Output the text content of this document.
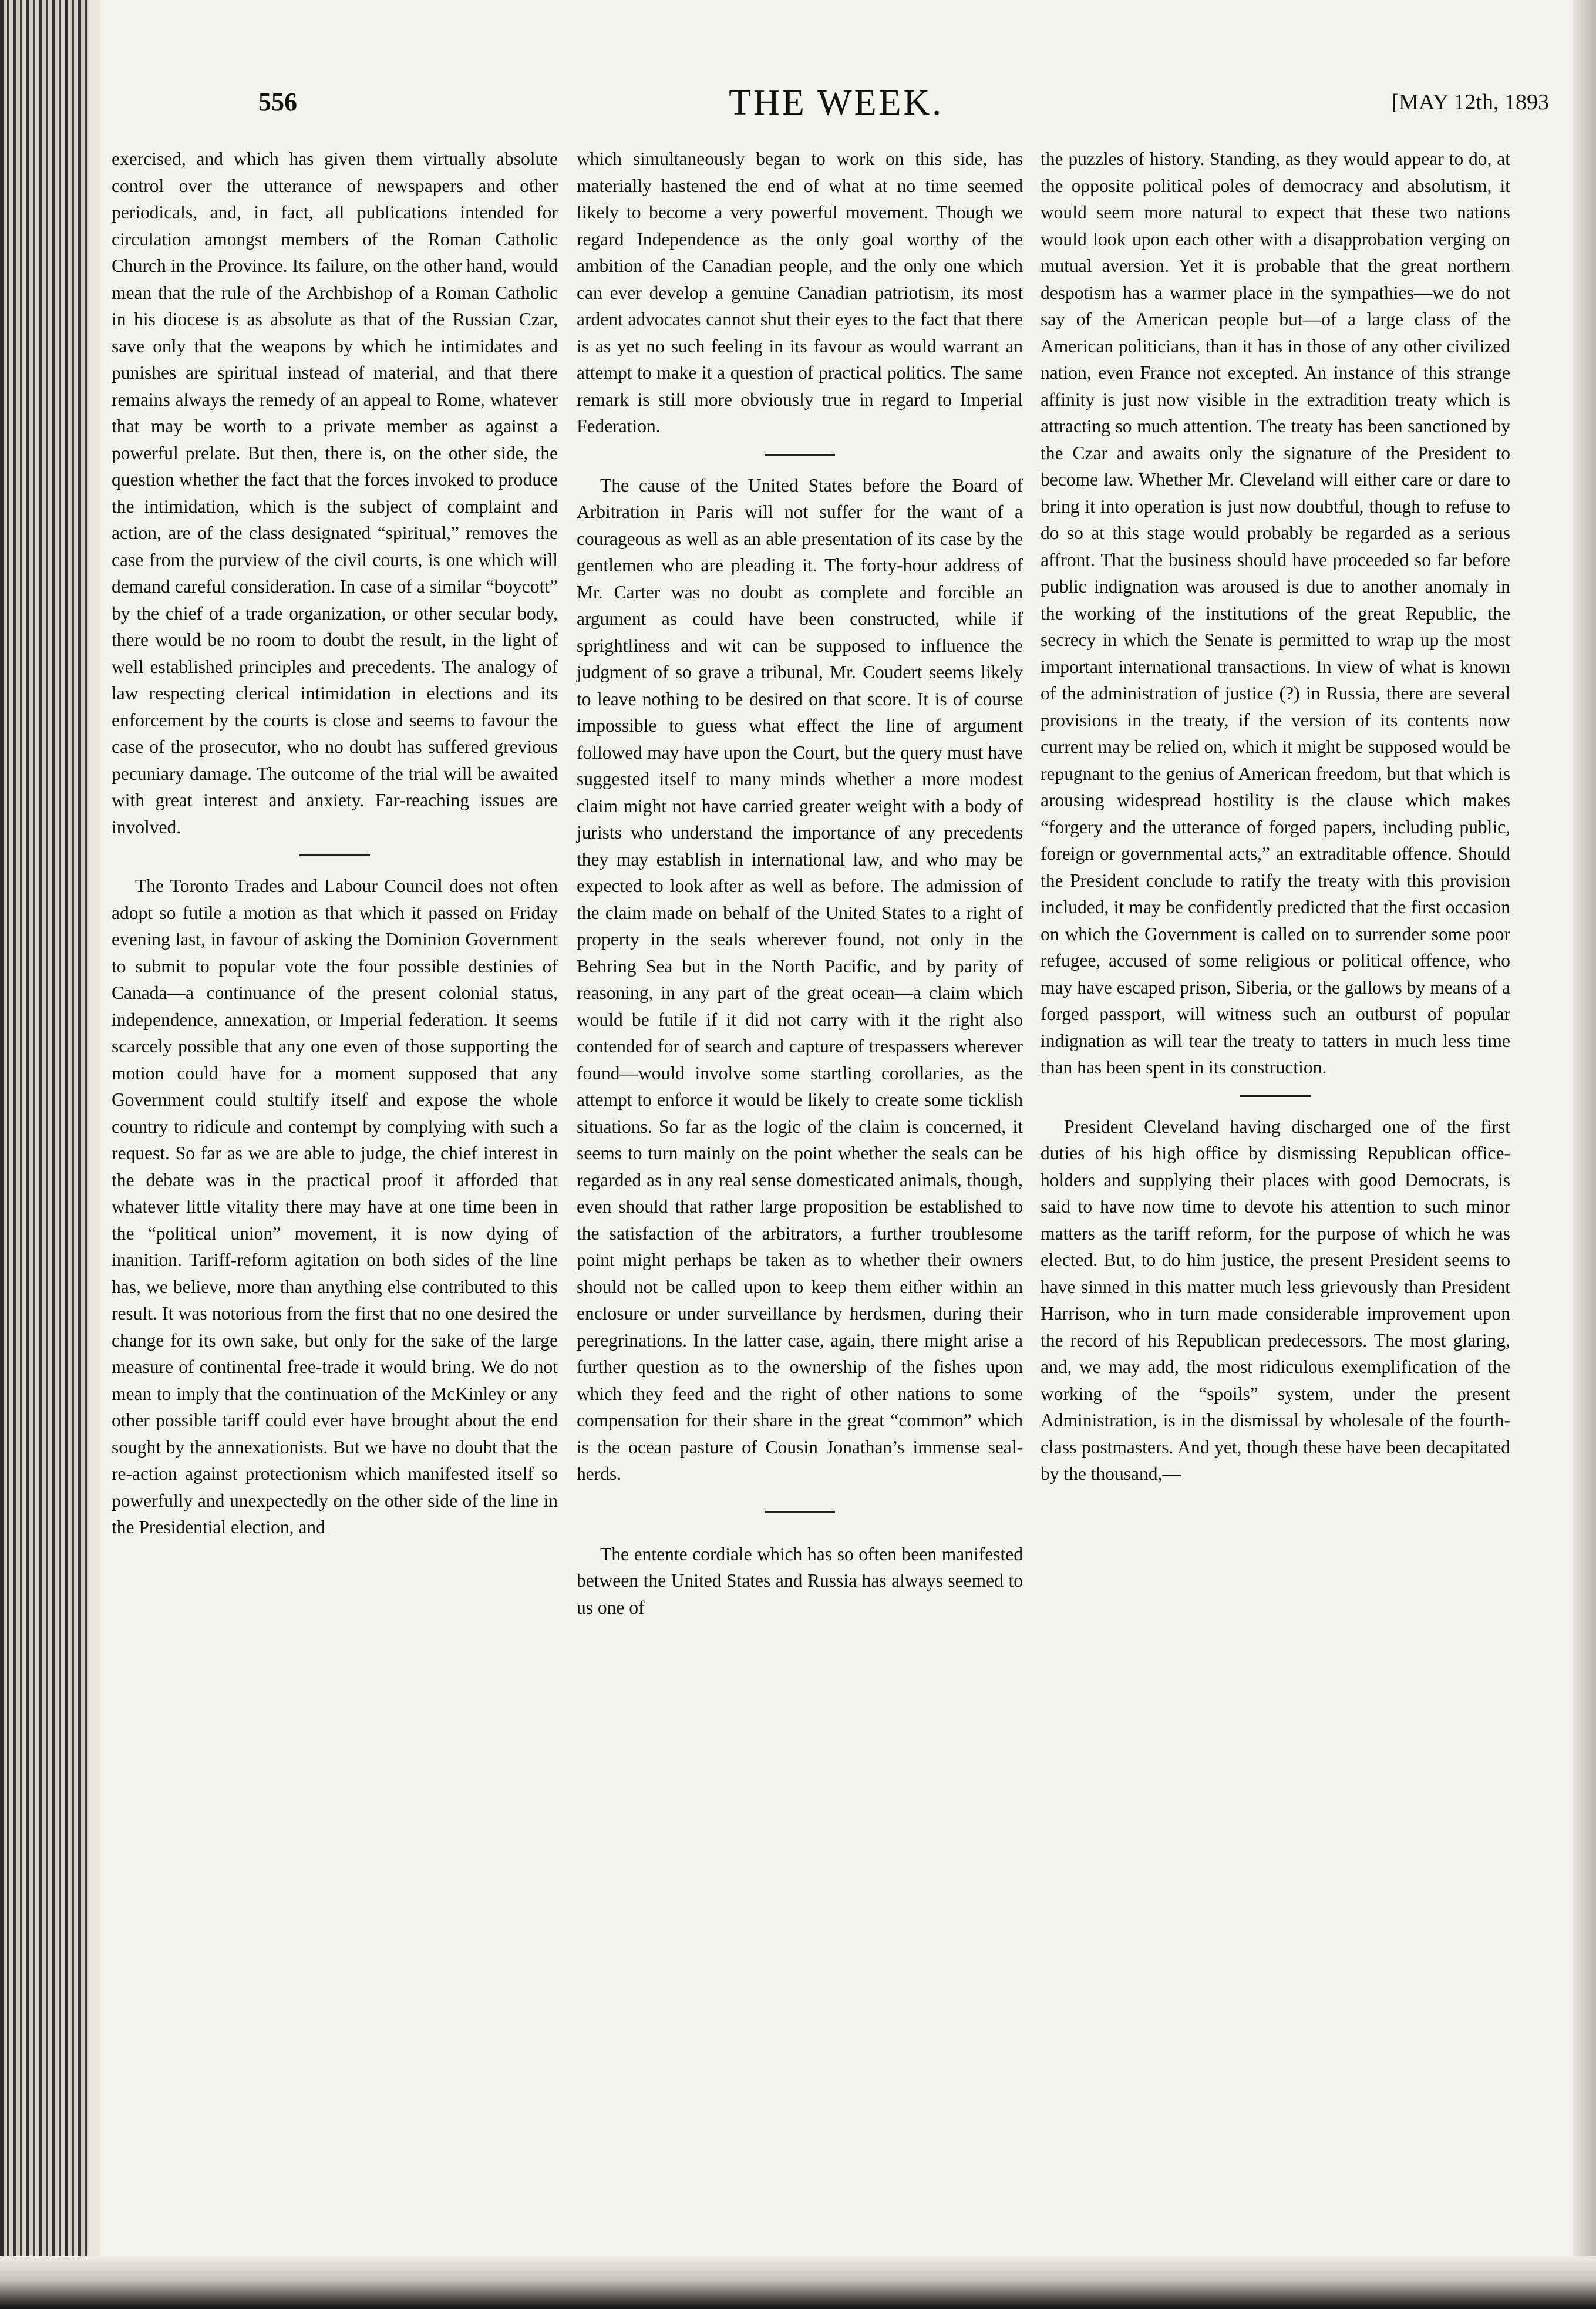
556	THE WEEK.	[MAY 12th, 1893

exercised, and which has given them virtually absolute control over the utterance of newspapers and other periodicals, and, in fact, all publications intended for circulation amongst members of the Roman Catholic Church in the Province. Its failure, on the other hand, would mean that the rule of the Archbishop of a Roman Catholic in his diocese is as absolute as that of the Russian Czar, save only that the weapons by which he intimidates and punishes are spiritual instead of material, and that there remains always the remedy of an appeal to Rome, whatever that may be worth to a private member as against a powerful prelate. But then, there is, on the other side, the question whether the fact that the forces invoked to produce the intimidation, which is the subject of complaint and action, are of the class designated “spiritual,” removes the case from the purview of the civil courts, is one which will demand careful consideration. In case of a similar “boycott” by the chief of a trade organization, or other secular body, there would be no room to doubt the result, in the light of well established principles and precedents. The analogy of law respecting clerical intimidation in elections and its enforcement by the courts is close and seems to favour the case of the prosecutor, who no doubt has suffered grevious pecuniary damage. The outcome of the trial will be awaited with great interest and anxiety. Far-reaching issues are involved.

The Toronto Trades and Labour Council does not often adopt so futile a motion as that which it passed on Friday evening last, in favour of asking the Dominion Government to submit to popular vote the four possible destinies of Canada—a continuance of the present colonial status, independence, annexation, or Imperial federation. It seems scarcely possible that any one even of those supporting the motion could have for a moment supposed that any Government could stultify itself and expose the whole country to ridicule and contempt by complying with such a request. So far as we are able to judge, the chief interest in the debate was in the practical proof it afforded that whatever little vitality there may have at one time been in the “political union” movement, it is now dying of inanition. Tariff-reform agitation on both sides of the line has, we believe, more than anything else contributed to this result. It was notorious from the first that no one desired the change for its own sake, but only for the sake of the large measure of continental free-trade it would bring. We do not mean to imply that the continuation of the McKinley or any other possible tariff could ever have brought about the end sought by the annexationists. But we have no doubt that the re-action against protectionism which manifested itself so powerfully and unexpectedly on the other side of the line in the Presidential election, and

which simultaneously began to work on this side, has materially hastened the end of what at no time seemed likely to become a very powerful movement. Though we regard Independence as the only goal worthy of the ambition of the Canadian people, and the only one which can ever develop a genuine Canadian patriotism, its most ardent advocates cannot shut their eyes to the fact that there is as yet no such feeling in its favour as would warrant an attempt to make it a question of practical politics. The same remark is still more obviously true in regard to Imperial Federation.

The cause of the United States before the Board of Arbitration in Paris will not suffer for the want of a courageous as well as an able presentation of its case by the gentlemen who are pleading it. The forty-hour address of Mr. Carter was no doubt as complete and forcible an argument as could have been constructed, while if sprightliness and wit can be supposed to influence the judgment of so grave a tribunal, Mr. Coudert seems likely to leave nothing to be desired on that score. It is of course impossible to guess what effect the line of argument followed may have upon the Court, but the query must have suggested itself to many minds whether a more modest claim might not have carried greater weight with a body of jurists who understand the importance of any precedents they may establish in international law, and who may be expected to look after as well as before. The admission of the claim made on behalf of the United States to a right of property in the seals wherever found, not only in the Behring Sea but in the North Pacific, and by parity of reasoning, in any part of the great ocean—a claim which would be futile if it did not carry with it the right also contended for of search and capture of trespassers wherever found—would involve some startling corollaries, as the attempt to enforce it would be likely to create some ticklish situations. So far as the logic of the claim is concerned, it seems to turn mainly on the point whether the seals can be regarded as in any real sense domesticated animals, though, even should that rather large proposition be established to the satisfaction of the arbitrators, a further troublesome point might perhaps be taken as to whether their owners should not be called upon to keep them either within an enclosure or under surveillance by herdsmen, during their peregrinations. In the latter case, again, there might arise a further question as to the ownership of the fishes upon which they feed and the right of other nations to some compensation for their share in the great “common” which is the ocean pasture of Cousin Jonathan’s immense seal-herds.

The entente cordiale which has so often been manifested between the United States and Russia has always seemed to us one of

the puzzles of history. Standing, as they would appear to do, at the opposite political poles of democracy and absolutism, it would seem more natural to expect that these two nations would look upon each other with a disapprobation verging on mutual aversion. Yet it is probable that the great northern despotism has a warmer place in the sympathies—we do not say of the American people but—of a large class of the American politicians, than it has in those of any other civilized nation, even France not excepted. An instance of this strange affinity is just now visible in the extradition treaty which is attracting so much attention. The treaty has been sanctioned by the Czar and awaits only the signature of the President to become law. Whether Mr. Cleveland will either care or dare to bring it into operation is just now doubtful, though to refuse to do so at this stage would probably be regarded as a serious affront. That the business should have proceeded so far before public indignation was aroused is due to another anomaly in the working of the institutions of the great Republic, the secrecy in which the Senate is permitted to wrap up the most important international transactions. In view of what is known of the administration of justice (?) in Russia, there are several provisions in the treaty, if the version of its contents now current may be relied on, which it might be supposed would be repugnant to the genius of American freedom, but that which is arousing widespread hostility is the clause which makes “forgery and the utterance of forged papers, including public, foreign or governmental acts,” an extraditable offence. Should the President conclude to ratify the treaty with this provision included, it may be confidently predicted that the first occasion on which the Government is called on to surrender some poor refugee, accused of some religious or political offence, who may have escaped prison, Siberia, or the gallows by means of a forged passport, will witness such an outburst of popular indignation as will tear the treaty to tatters in much less time than has been spent in its construction.

President Cleveland having discharged one of the first duties of his high office by dismissing Republican office-holders and supplying their places with good Democrats, is said to have now time to devote his attention to such minor matters as the tariff reform, for the purpose of which he was elected. But, to do him justice, the present President seems to have sinned in this matter much less grievously than President Harrison, who in turn made considerable improvement upon the record of his Republican predecessors. The most glaring, and, we may add, the most ridiculous exemplification of the working of the “spoils” system, under the present Administration, is in the dismissal by wholesale of the fourth-class postmasters. And yet, though these have been decapitated by the thousand,—
